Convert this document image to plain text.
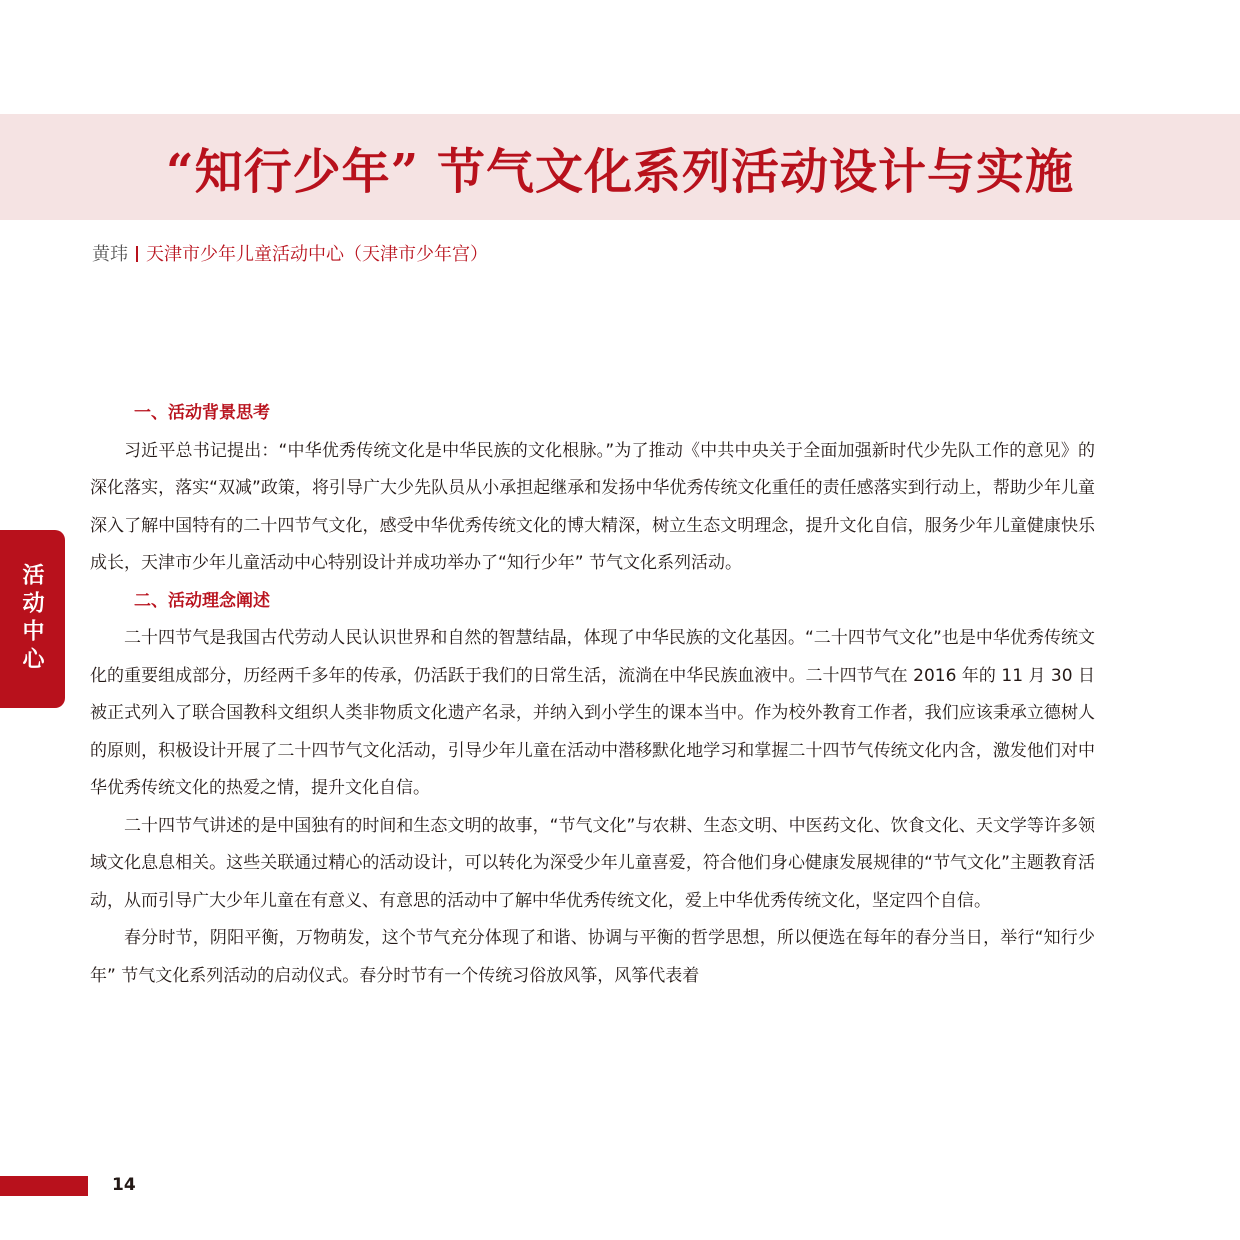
“知行少年” 节气文化系列活动设计与实施
黄玮 天津市少年儿童活动中心（天津市少年宫）
活动中心

一、活动背景思考

习近平总书记提出：“中华优秀传统文化是中华民族的文化根脉。”为了推动《中共中央关于全面加强新时代少先队工作的意见》的深化落实，落实“双减”政策，将引导广大少先队员从小承担起继承和发扬中华优秀传统文化重任的责任感落实到行动上，帮助少年儿童深入了解中国特有的二十四节气文化，感受中华优秀传统文化的博大精深，树立生态文明理念，提升文化自信，服务少年儿童健康快乐成长，天津市少年儿童活动中心特别设计并成功举办了“知行少年” 节气文化系列活动。

二、活动理念阐述

二十四节气是我国古代劳动人民认识世界和自然的智慧结晶，体现了中华民族的文化基因。“二十四节气文化”也是中华优秀传统文化的重要组成部分，历经两千多年的传承，仍活跃于我们的日常生活，流淌在中华民族血液中。二十四节气在 2016 年的 11 月 30 日被正式列入了联合国教科文组织人类非物质文化遗产名录，并纳入到小学生的课本当中。作为校外教育工作者，我们应该秉承立德树人的原则，积极设计开展了二十四节气文化活动，引导少年儿童在活动中潜移默化地学习和掌握二十四节气传统文化内含，激发他们对中华优秀传统文化的热爱之情，提升文化自信。

二十四节气讲述的是中国独有的时间和生态文明的故事，“节气文化”与农耕、生态文明、中医药文化、饮食文化、天文学等许多领域文化息息相关。这些关联通过精心的活动设计，可以转化为深受少年儿童喜爱，符合他们身心健康发展规律的“节气文化”主题教育活动，从而引导广大少年儿童在有意义、有意思的活动中了解中华优秀传统文化，爱上中华优秀传统文化，坚定四个自信。

春分时节，阴阳平衡，万物萌发，这个节气充分体现了和谐、协调与平衡的哲学思想，所以便选在每年的春分当日，举行“知行少年” 节气文化系列活动的启动仪式。春分时节有一个传统习俗放风筝，风筝代表着

14
